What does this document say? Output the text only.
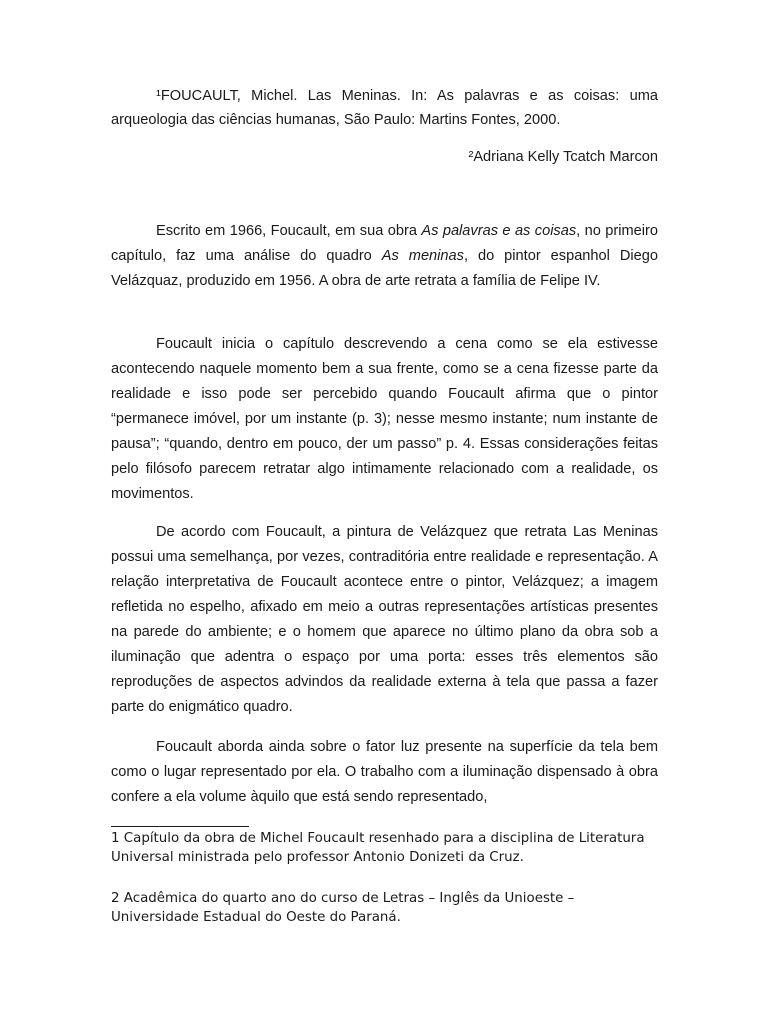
¹FOUCAULT, Michel. Las Meninas. In: As palavras e as coisas: uma arqueologia das ciências humanas, São Paulo: Martins Fontes, 2000.

²Adriana Kelly Tcatch Marcon

Escrito em 1966, Foucault, em sua obra As palavras e as coisas, no primeiro capítulo, faz uma análise do quadro As meninas, do pintor espanhol Diego Velázquaz, produzido em 1956. A obra de arte retrata a família de Felipe IV.

Foucault inicia o capítulo descrevendo a cena como se ela estivesse acontecendo naquele momento bem a sua frente, como se a cena fizesse parte da realidade e isso pode ser percebido quando Foucault afirma que o pintor “permanece imóvel, por um instante (p. 3); nesse mesmo instante; num instante de pausa”; “quando, dentro em pouco, der um passo” p. 4. Essas considerações feitas pelo filósofo parecem retratar algo intimamente relacionado com a realidade, os movimentos.

De acordo com Foucault, a pintura de Velázquez que retrata Las Meninas possui uma semelhança, por vezes, contraditória entre realidade e representação. A relação interpretativa de Foucault acontece entre o pintor, Velázquez; a imagem refletida no espelho, afixado em meio a outras representações artísticas presentes na parede do ambiente; e o homem que aparece no último plano da obra sob a iluminação que adentra o espaço por uma porta: esses três elementos são reproduções de aspectos advindos da realidade externa à tela que passa a fazer parte do enigmático quadro.

Foucault aborda ainda sobre o fator luz presente na superfície da tela bem como o lugar representado por ela. O trabalho com a iluminação dispensado à obra confere a ela volume àquilo que está sendo representado,

1 Capítulo da obra de Michel Foucault resenhado para a disciplina de Literatura Universal ministrada pelo professor Antonio Donizeti da Cruz.

2 Acadêmica do quarto ano do curso de Letras – Inglês da Unioeste – Universidade Estadual do Oeste do Paraná.
